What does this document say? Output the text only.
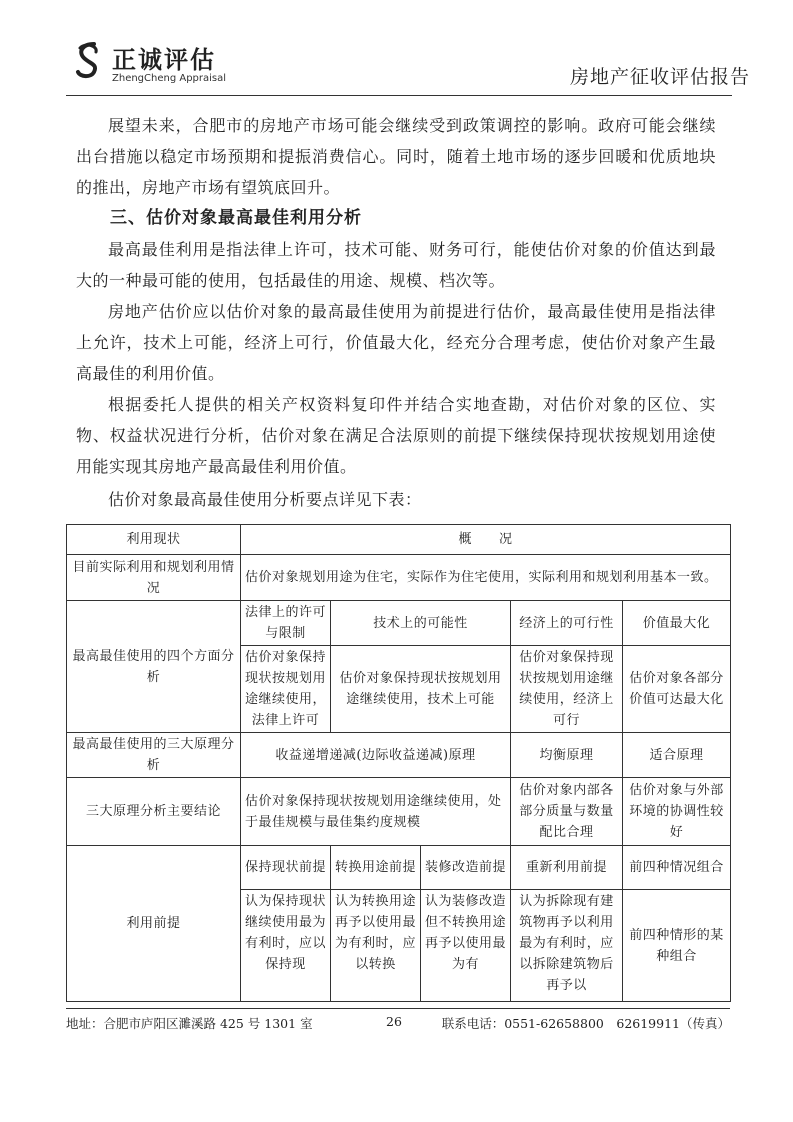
正诚评估
ZhengCheng Appraisal	房地产征收评估报告

展望未来，合肥市的房地产市场可能会继续受到政策调控的影响。政府可能会继续出台措施以稳定市场预期和提振消费信心。同时，随着土地市场的逐步回暖和优质地块的推出，房地产市场有望筑底回升。

三、估价对象最高最佳利用分析

最高最佳利用是指法律上许可，技术可能、财务可行，能使估价对象的价值达到最大的一种最可能的使用，包括最佳的用途、规模、档次等。

房地产估价应以估价对象的最高最佳使用为前提进行估价，最高最佳使用是指法律上允许，技术上可能，经济上可行，价值最大化，经充分合理考虑，使估价对象产生最高最佳的利用价值。

根据委托人提供的相关产权资料复印件并结合实地查勘，对估价对象的区位、实物、权益状况进行分析，估价对象在满足合法原则的前提下继续保持现状按规划用途使用能实现其房地产最高最佳利用价值。

估价对象最高最佳使用分析要点详见下表：

利用现状	概　　况				
目前实际利用和规划利用情况	估价对象规划用途为住宅，实际作为住宅使用，实际利用和规划利用基本一致。				
最高最佳使用的四个方面分析	法律上的许可与限制	技术上的可能性		经济上的可行性	价值最大化
	估价对象保持现状按规划用途继续使用，法律上许可	估价对象保持现状按规划用途继续使用，技术上可能		估价对象保持现状按规划用途继续使用，经济上可行	估价对象各部分价值可达最大化
最高最佳使用的三大原理分析	收益递增递减(边际收益递减)原理			均衡原理	适合原理
三大原理分析主要结论	估价对象保持现状按规划用途继续使用，处于最佳规模与最佳集约度规模			估价对象内部各部分质量与数量配比合理	估价对象与外部环境的协调性较好
利用前提	保持现状前提	转换用途前提	装修改造前提	重新利用前提	前四种情况组合
	认为保持现状继续使用最为有利时，应以保持现	认为转换用途再予以使用最为有利时，应以转换	认为装修改造但不转换用途再予以使用最为有	认为拆除现有建筑物再予以利用最为有利时，应以拆除建筑物后再予以	前四种情形的某种组合
地址：合肥市庐阳区濉溪路 425 号 1301 室	26	联系电话：0551-62658800　62619911（传真）
